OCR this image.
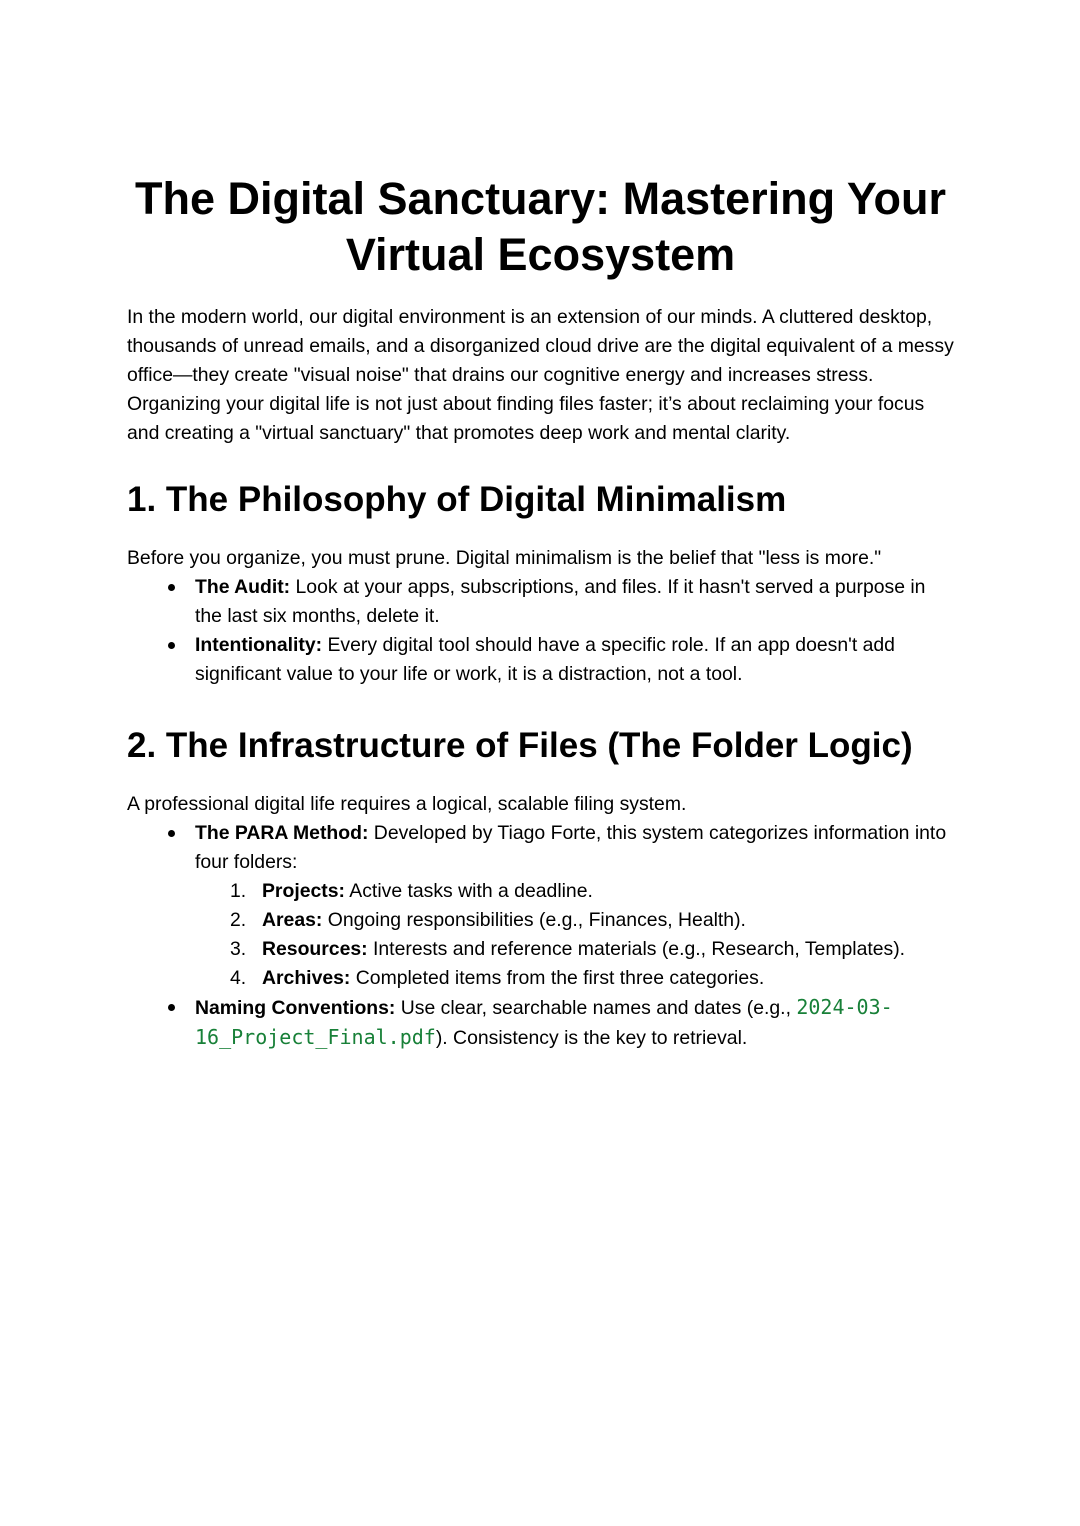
The Digital Sanctuary: Mastering Your Virtual Ecosystem

In the modern world, our digital environment is an extension of our minds. A cluttered desktop, thousands of unread emails, and a disorganized cloud drive are the digital equivalent of a messy office—they create "visual noise" that drains our cognitive energy and increases stress. Organizing your digital life is not just about finding files faster; it’s about reclaiming your focus and creating a "virtual sanctuary" that promotes deep work and mental clarity.

1. The Philosophy of Digital Minimalism

Before you organize, you must prune. Digital minimalism is the belief that "less is more."

The Audit: Look at your apps, subscriptions, and files. If it hasn't served a purpose in the last six months, delete it.
Intentionality: Every digital tool should have a specific role. If an app doesn't add significant value to your life or work, it is a distraction, not a tool.
2. The Infrastructure of Files (The Folder Logic)

A professional digital life requires a logical, scalable filing system.

The PARA Method: Developed by Tiago Forte, this system categorizes information into four folders:
1. Projects: Active tasks with a deadline.
2. Areas: Ongoing responsibilities (e.g., Finances, Health).
3. Resources: Interests and reference materials (e.g., Research, Templates).
4. Archives: Completed items from the first three categories.
Naming Conventions: Use clear, searchable names and dates (e.g., 2024-03-16_Project_Final.pdf). Consistency is the key to retrieval.
